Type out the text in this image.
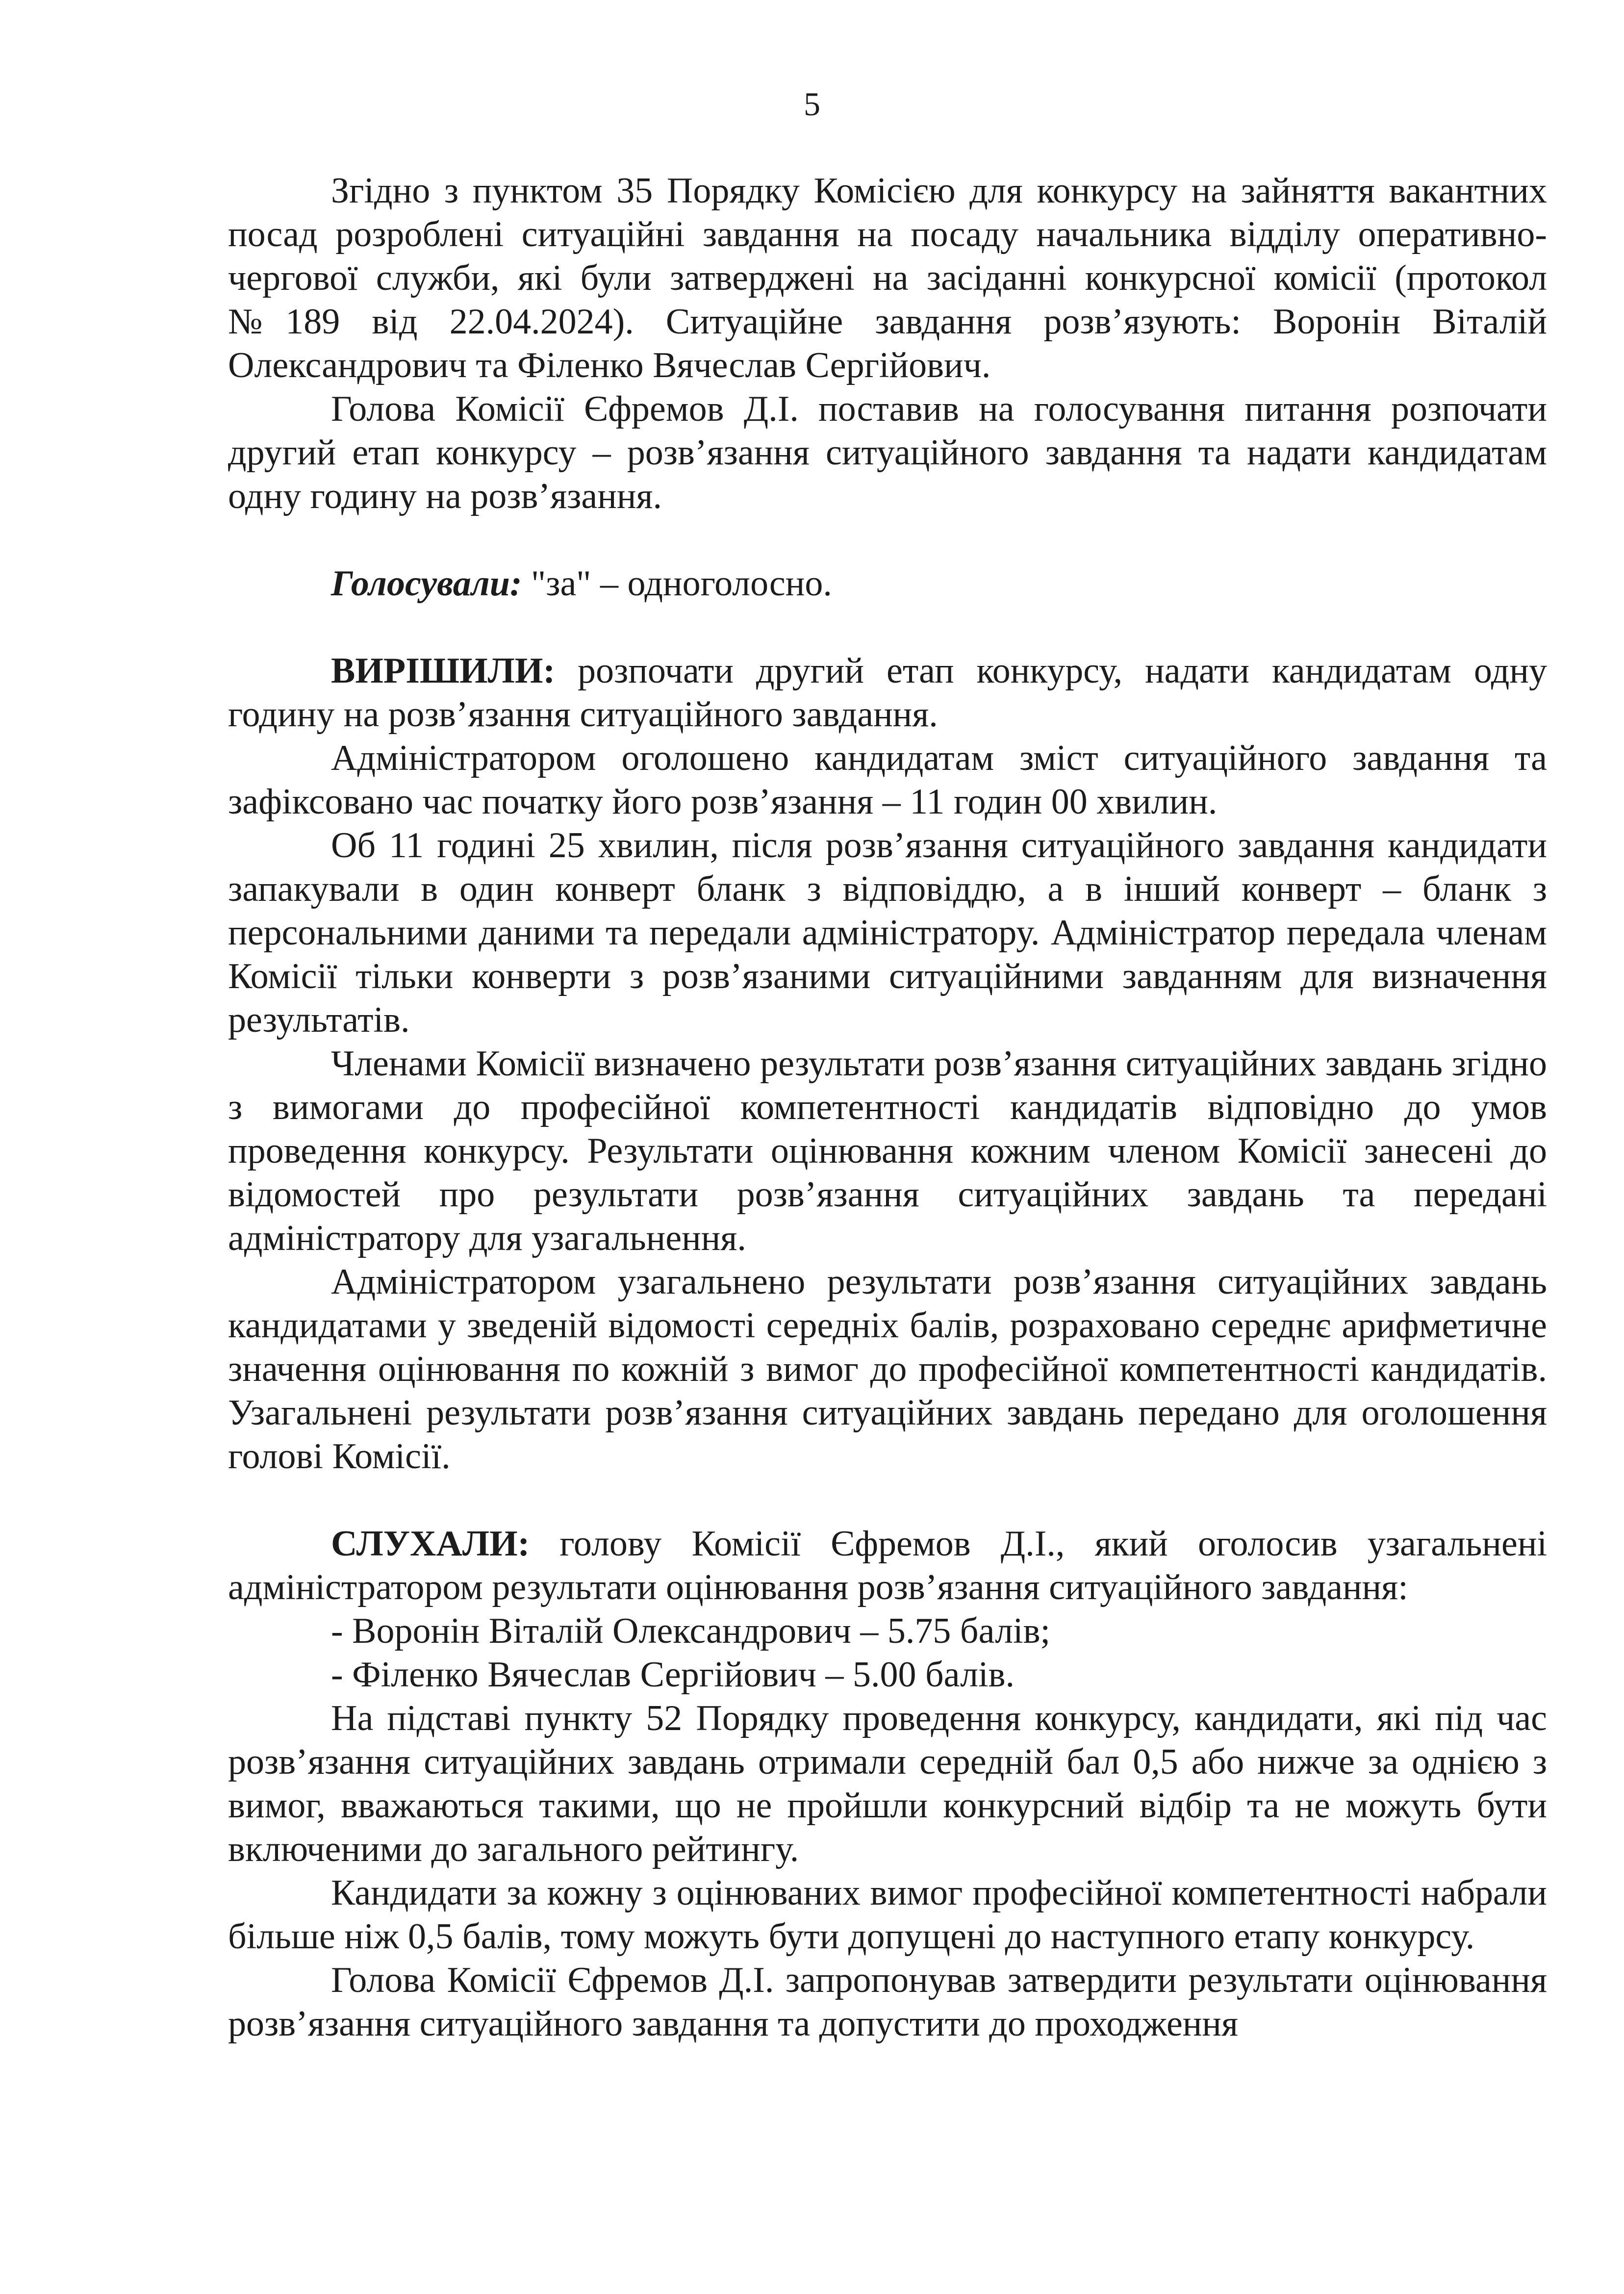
5

Згідно з пунктом 35 Порядку Комісією для конкурсу на зайняття вакантних посад розроблені ситуаційні завдання на посаду начальника відділу оперативно-чергової служби, які були затверджені на засіданні конкурсної комісії (протокол №189 від 22.04.2024). Ситуаційне завдання розв’язують: Воронін Віталій Олександрович та Філенко Вячеслав Сергійович.

Голова Комісії Єфремов Д.І. поставив на голосування питання розпочати другий етап конкурсу – розв’язання ситуаційного завдання та надати кандидатам одну годину на розв’язання.

Голосували: "за" – одноголосно.

ВИРІШИЛИ: розпочати другий етап конкурсу, надати кандидатам одну годину на розв’язання ситуаційного завдання.

Адміністратором оголошено кандидатам зміст ситуаційного завдання та зафіксовано час початку його розв’язання – 11 годин 00 хвилин.

Об 11 годині 25 хвилин, після розв’язання ситуаційного завдання кандидати запакували в один конверт бланк з відповіддю, а в інший конверт – бланк з персональними даними та передали адміністратору. Адміністратор передала членам Комісії тільки конверти з розв’язаними ситуаційними завданням для визначення результатів.

Членами Комісії визначено результати розв’язання ситуаційних завдань згідно з вимогами до професійної компетентності кандидатів відповідно до умов проведення конкурсу. Результати оцінювання кожним членом Комісії занесені до відомостей про результати розв’язання ситуаційних завдань та передані адміністратору для узагальнення.

Адміністратором узагальнено результати розв’язання ситуаційних завдань кандидатами у зведеній відомості середніх балів, розраховано середнє арифметичне значення оцінювання по кожній з вимог до професійної компетентності кандидатів. Узагальнені результати розв’язання ситуаційних завдань передано для оголошення голові Комісії.

СЛУХАЛИ: голову Комісії Єфремов Д.І., який оголосив узагальнені адміністратором результати оцінювання розв’язання ситуаційного завдання:

- Воронін Віталій Олександрович – 5.75 балів;

- Філенко Вячеслав Сергійович – 5.00 балів.

На підставі пункту 52 Порядку проведення конкурсу, кандидати, які під час розв’язання ситуаційних завдань отримали середній бал 0,5 або нижче за однією з вимог, вважаються такими, що не пройшли конкурсний відбір та не можуть бути включеними до загального рейтингу.

Кандидати за кожну з оцінюваних вимог професійної компетентності набрали більше ніж 0,5 балів, тому можуть бути допущені до наступного етапу конкурсу.

Голова Комісії Єфремов Д.І. запропонував затвердити результати оцінювання розв’язання ситуаційного завдання та допустити до проходження
